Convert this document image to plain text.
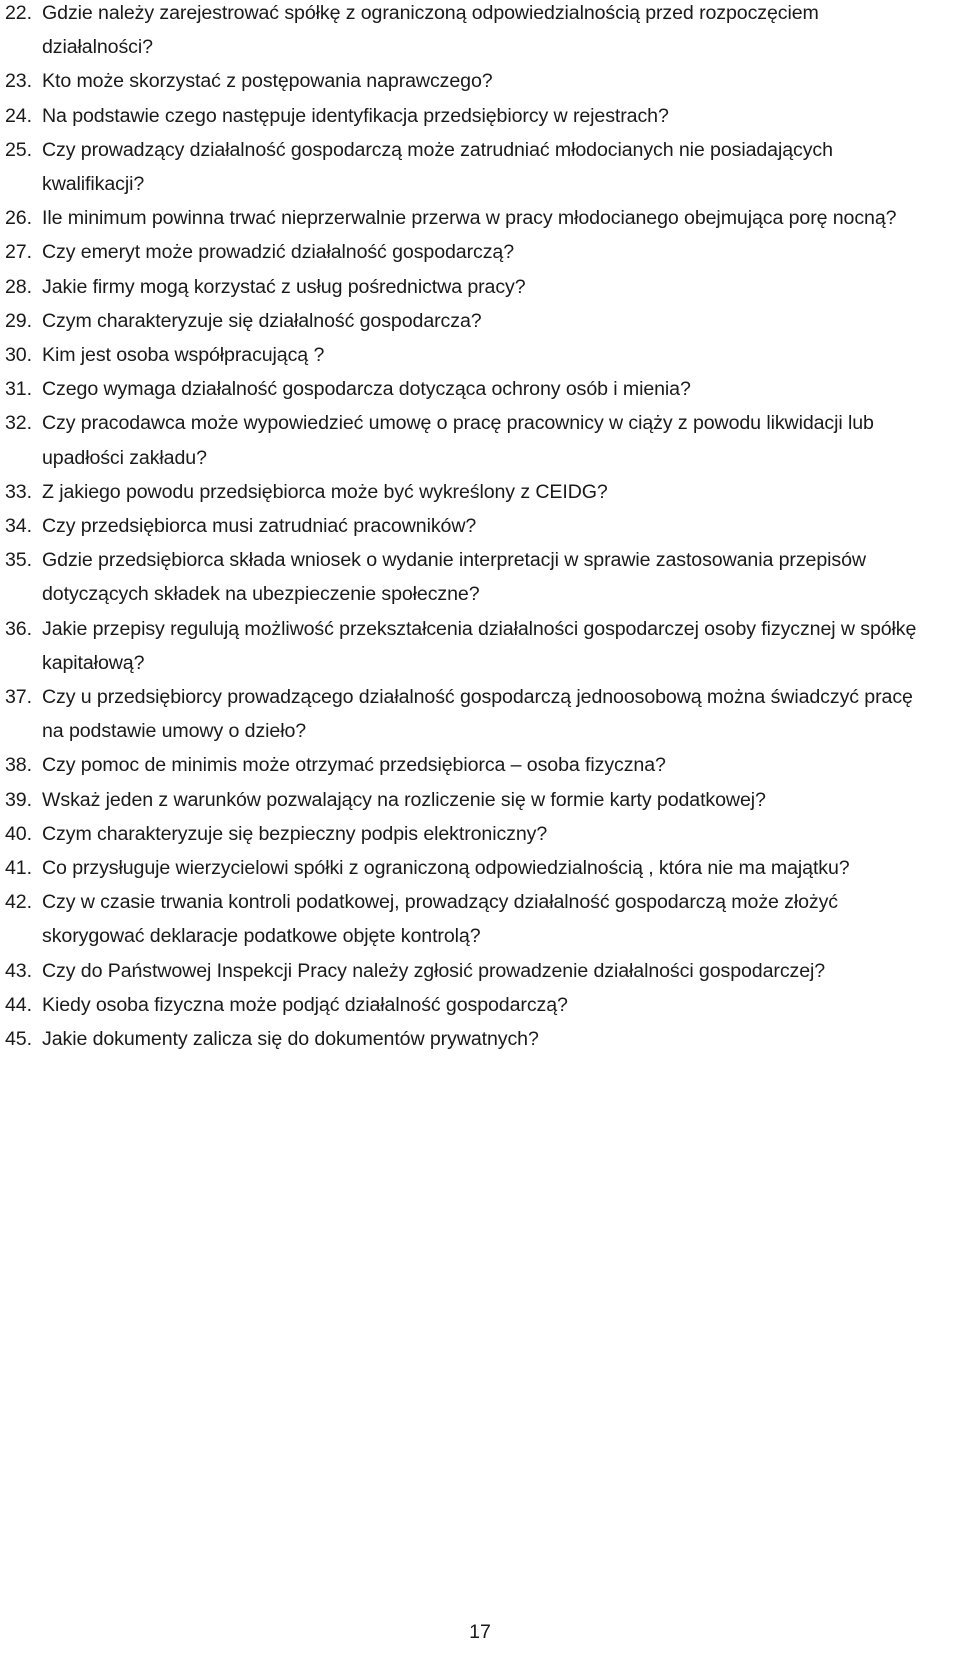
22. Gdzie należy zarejestrować spółkę z ograniczoną odpowiedzialnością przed rozpoczęciem działalności?
23. Kto może skorzystać z postępowania naprawczego?
24. Na podstawie czego następuje identyfikacja przedsiębiorcy w rejestrach?
25. Czy prowadzący działalność gospodarczą może zatrudniać młodocianych nie posiadających kwalifikacji?
26. Ile minimum powinna trwać nieprzerwalnie przerwa w pracy młodocianego obejmująca porę nocną?
27. Czy emeryt może prowadzić działalność gospodarczą?
28. Jakie firmy mogą korzystać z usług pośrednictwa pracy?
29. Czym charakteryzuje się działalność gospodarcza?
30. Kim jest osoba współpracującą ?
31. Czego wymaga działalność gospodarcza dotycząca ochrony osób i mienia?
32. Czy pracodawca może wypowiedzieć umowę o pracę pracownicy w ciąży z powodu likwidacji lub upadłości zakładu?
33. Z jakiego powodu przedsiębiorca może być wykreślony z CEIDG?
34. Czy przedsiębiorca musi zatrudniać pracowników?
35. Gdzie przedsiębiorca składa wniosek o wydanie interpretacji w sprawie zastosowania przepisów dotyczących składek na ubezpieczenie społeczne?
36. Jakie przepisy regulują możliwość przekształcenia działalności gospodarczej osoby fizycznej w spółkę kapitałową?
37. Czy u przedsiębiorcy prowadzącego działalność gospodarczą jednoosobową można świadczyć pracę na podstawie umowy o dzieło?
38. Czy pomoc de minimis może otrzymać przedsiębiorca – osoba fizyczna?
39. Wskaż jeden z warunków pozwalający na rozliczenie się w formie karty podatkowej?
40. Czym charakteryzuje się bezpieczny podpis elektroniczny?
41. Co przysługuje wierzycielowi spółki z ograniczoną odpowiedzialnością , która nie ma majątku?
42. Czy w czasie trwania kontroli podatkowej, prowadzący działalność gospodarczą może złożyć skorygować deklaracje podatkowe objęte kontrolą?
43. Czy do Państwowej Inspekcji Pracy należy zgłosić prowadzenie działalności gospodarczej?
44. Kiedy osoba fizyczna może podjąć działalność gospodarczą?
45. Jakie dokumenty zalicza się do dokumentów prywatnych?
17
